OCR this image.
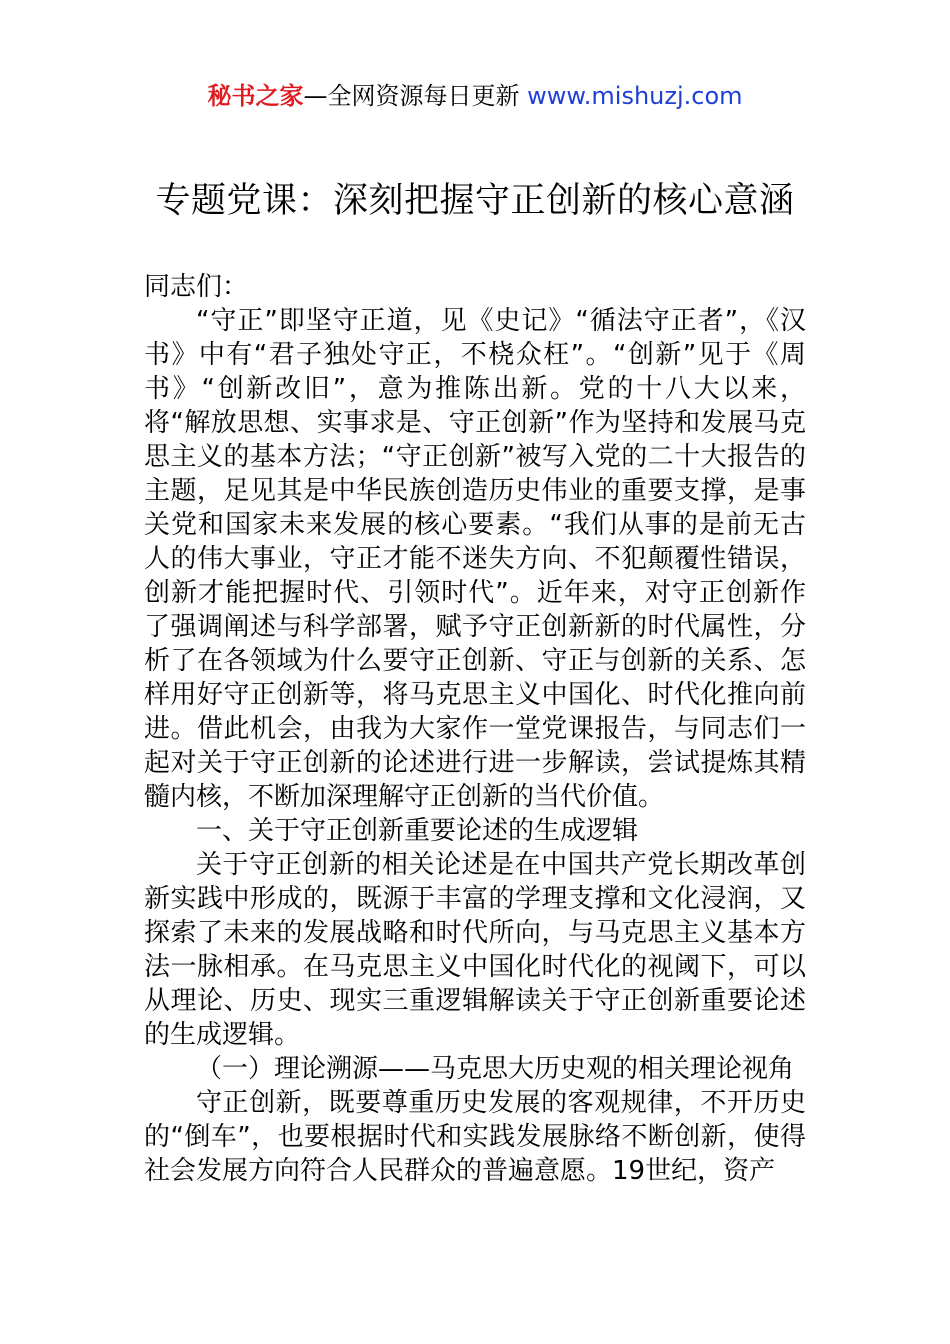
秘书之家—全网资源每日更新 www.mishuzj.com
专题党课：深刻把握守正创新的核心意涵

同志们：

“守正”即坚守正道，见《史记》“循法守正者”，《汉书》中有“君子独处守正，不桡众枉”。“创新”见于《周书》“创新改旧”，意为推陈出新。党的十八大以来，将“解放思想、实事求是、守正创新”作为坚持和发展马克思主义的基本方法；“守正创新”被写入党的二十大报告的主题，足见其是中华民族创造历史伟业的重要支撑，是事关党和国家未来发展的核心要素。“我们从事的是前无古人的伟大事业，守正才能不迷失方向、不犯颠覆性错误，创新才能把握时代、引领时代”。近年来，对守正创新作了强调阐述与科学部署，赋予守正创新新的时代属性，分析了在各领域为什么要守正创新、守正与创新的关系、怎样用好守正创新等，将马克思主义中国化、时代化推向前进。借此机会，由我为大家作一堂党课报告，与同志们一起对关于守正创新的论述进行进一步解读，尝试提炼其精髓内核，不断加深理解守正创新的当代价值。

一、关于守正创新重要论述的生成逻辑

关于守正创新的相关论述是在中国共产党长期改革创新实践中形成的，既源于丰富的学理支撑和文化浸润，又探索了未来的发展战略和时代所向，与马克思主义基本方法一脉相承。在马克思主义中国化时代化的视阈下，可以从理论、历史、现实三重逻辑解读关于守正创新重要论述的生成逻辑。

（一）理论溯源——马克思大历史观的相关理论视角

守正创新，既要尊重历史发展的客观规律，不开历史的“倒车”，也要根据时代和实践发展脉络不断创新，使得社会发展方向符合人民群众的普遍意愿。19世纪，资产
